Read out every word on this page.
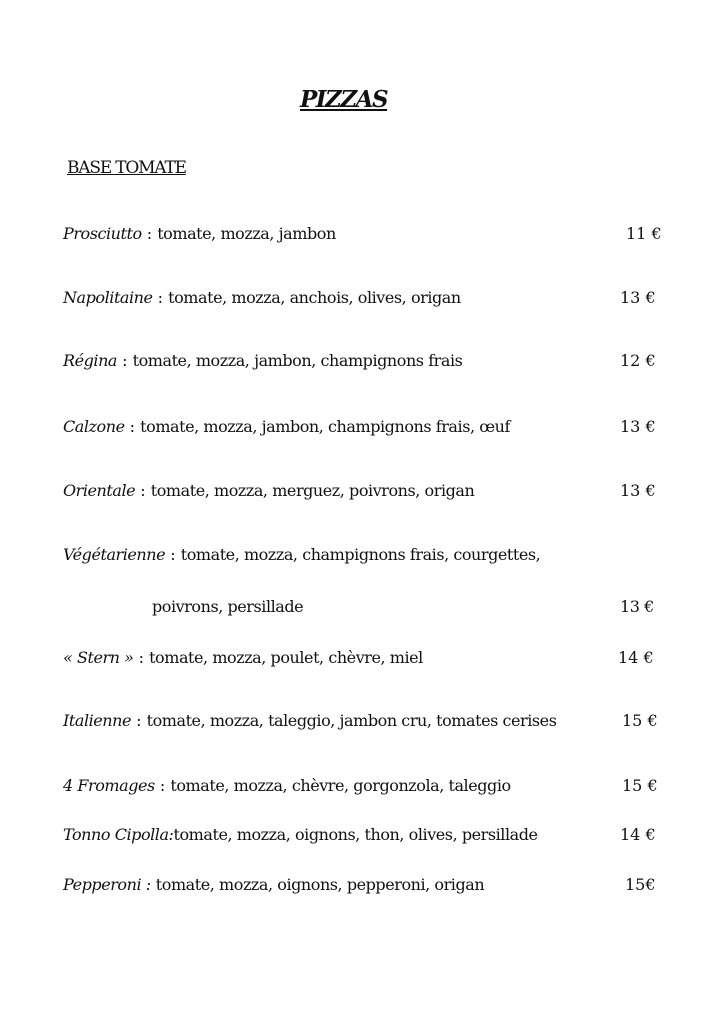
PIZZAS
BASE TOMATE
Prosciutto : tomate, mozza, jambon	11 €
Napolitaine : tomate, mozza, anchois, olives, origan	13 €
Régina : tomate, mozza, jambon, champignons frais	12 €
Calzone : tomate, mozza, jambon, champignons frais, œuf	13 €
Orientale : tomate, mozza, merguez, poivrons, origan	13 €
Végétarienne : tomate, mozza, champignons frais, courgettes,
poivrons, persillade	13 €
« Stern » : tomate, mozza, poulet, chèvre, miel	14 €
Italienne : tomate, mozza, taleggio, jambon cru, tomates cerises	15 €
4 Fromages : tomate, mozza, chèvre, gorgonzola, taleggio	15 €
Tonno Cipolla:tomate, mozza, oignons, thon, olives, persillade	14 €
Pepperoni : tomate, mozza, oignons, pepperoni, origan	15€
